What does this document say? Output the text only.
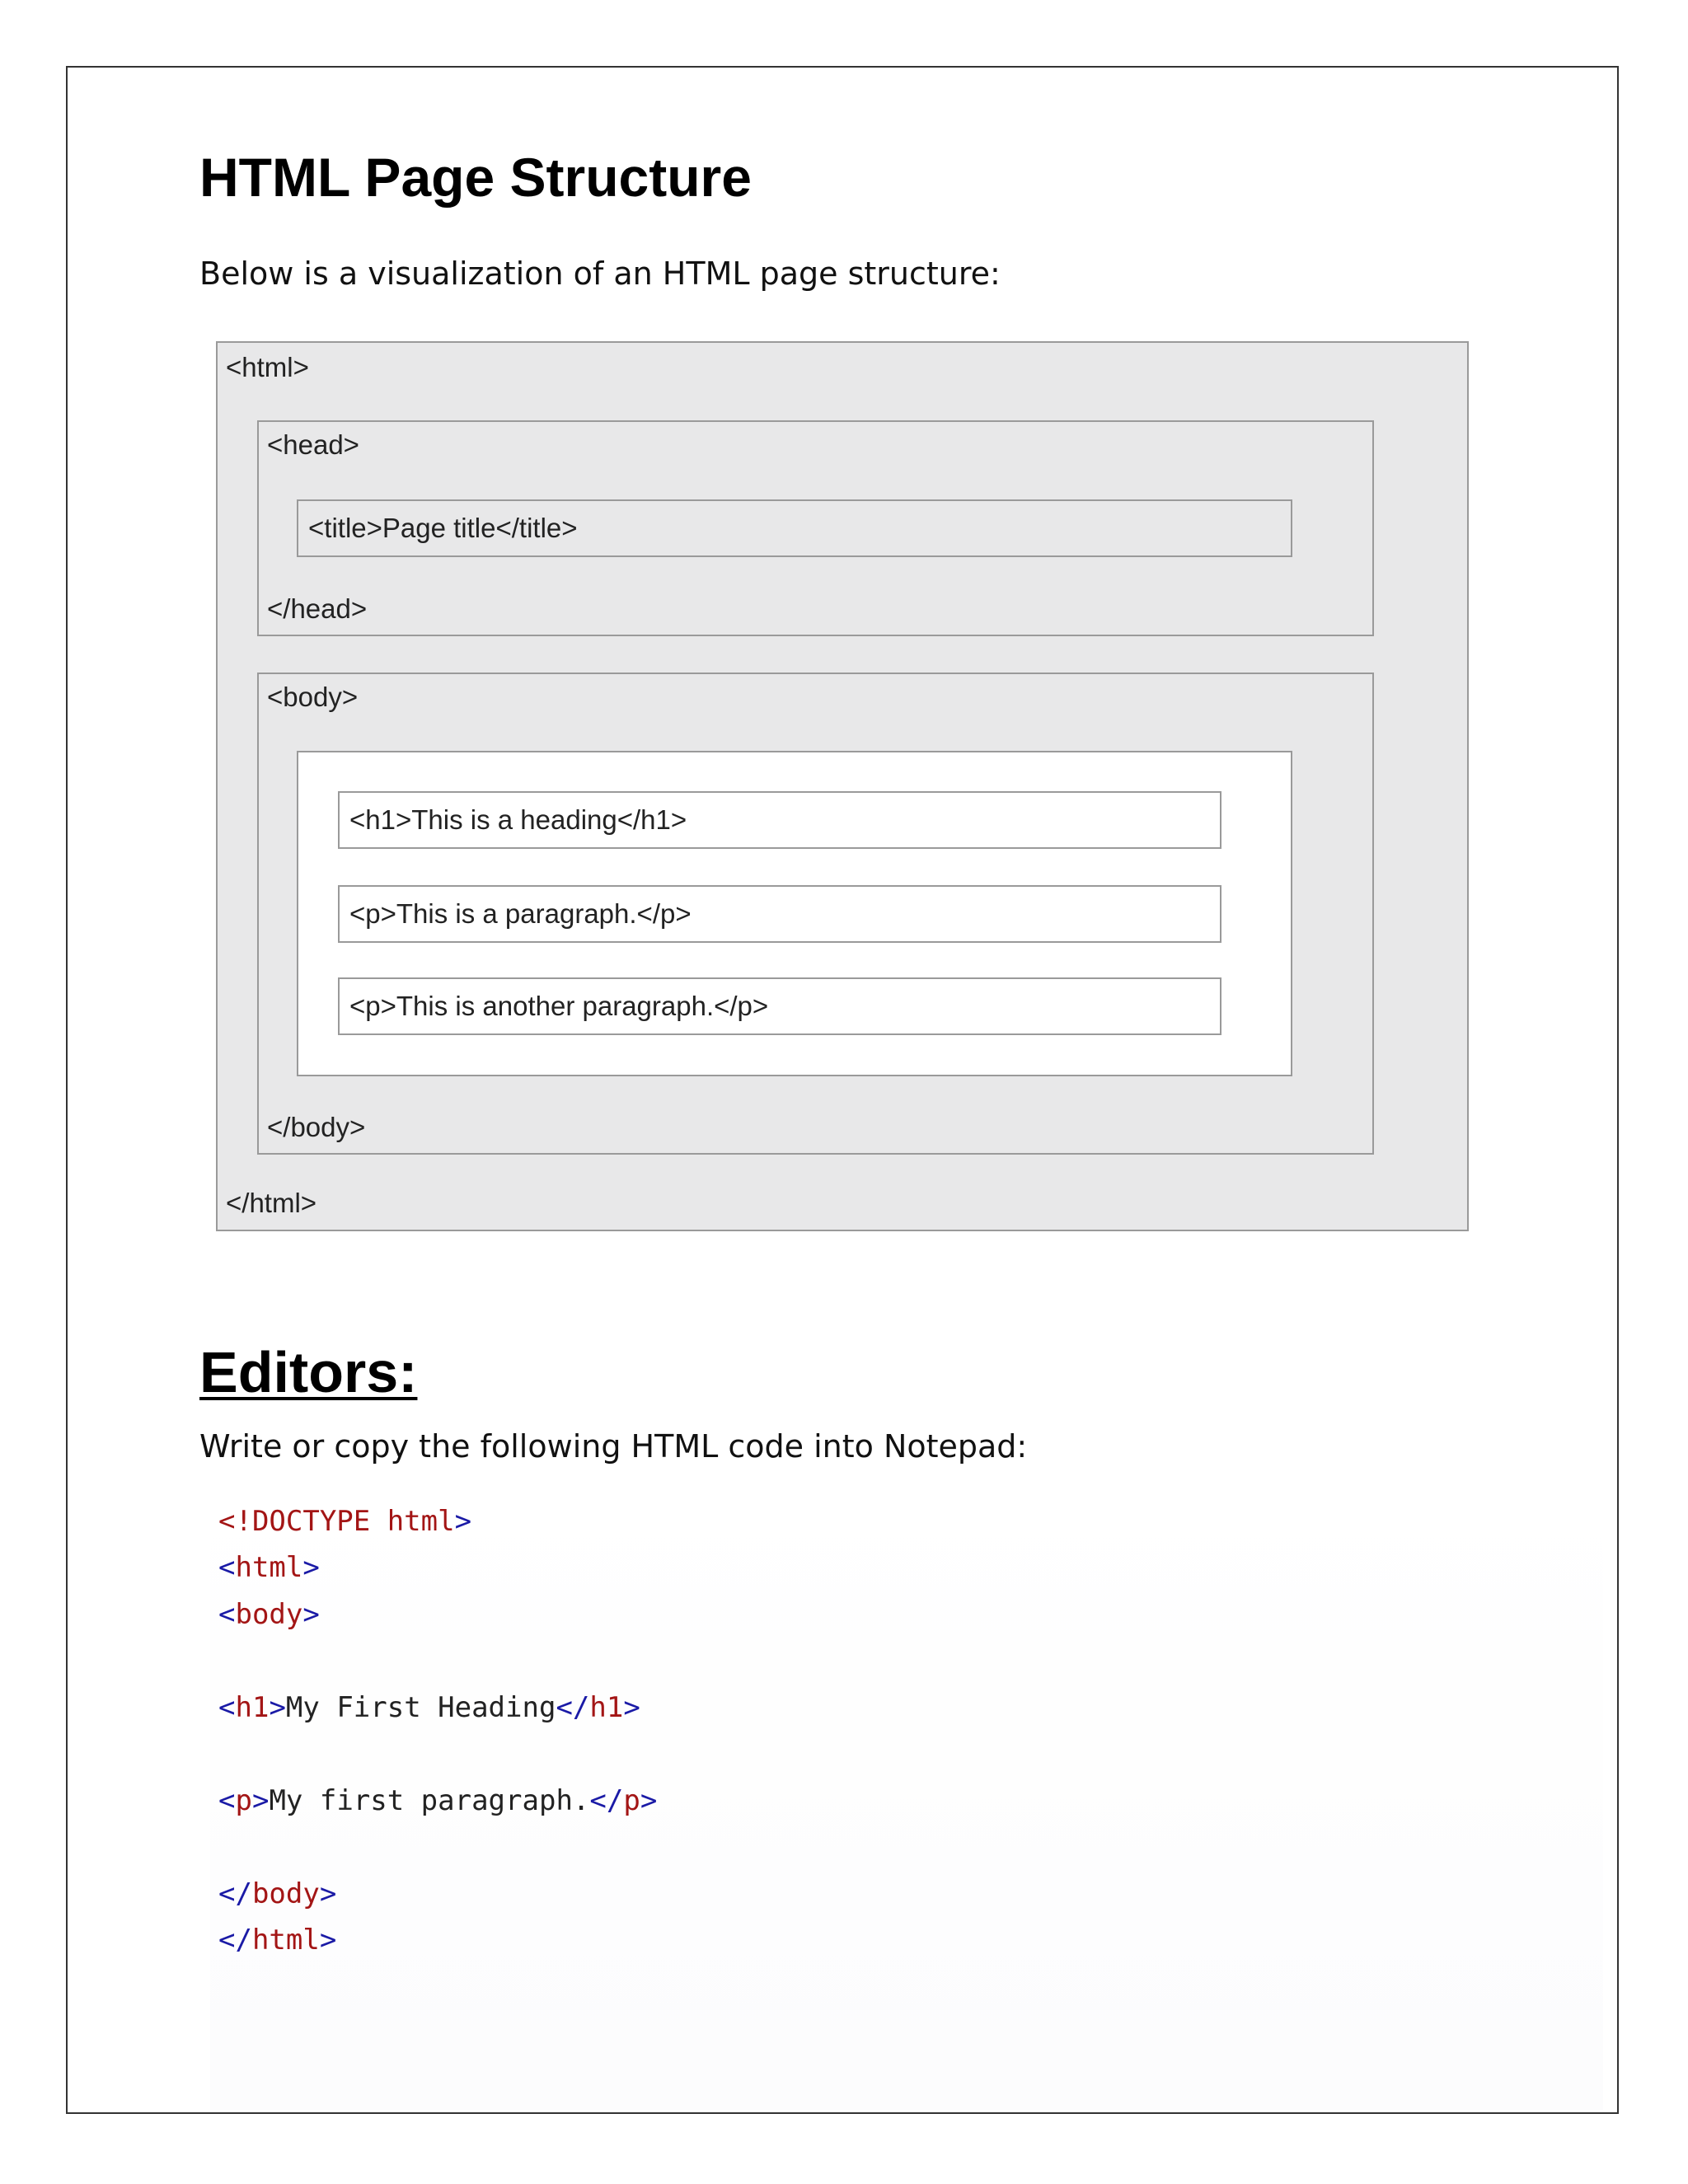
HTML Page Structure

Below is a visualization of an HTML page structure:

<html>
</html>
<head>
</head>
<title>Page title</title>
<body>
</body>
<h1>This is a heading</h1>
<p>This is a paragraph.</p>
<p>This is another paragraph.</p>
Editors:

Write or copy the following HTML code into Notepad:

<!DOCTYPE html>
<html>
<body>
<h1>My First Heading</h1>
<p>My first paragraph.</p>
</body>
</html>
